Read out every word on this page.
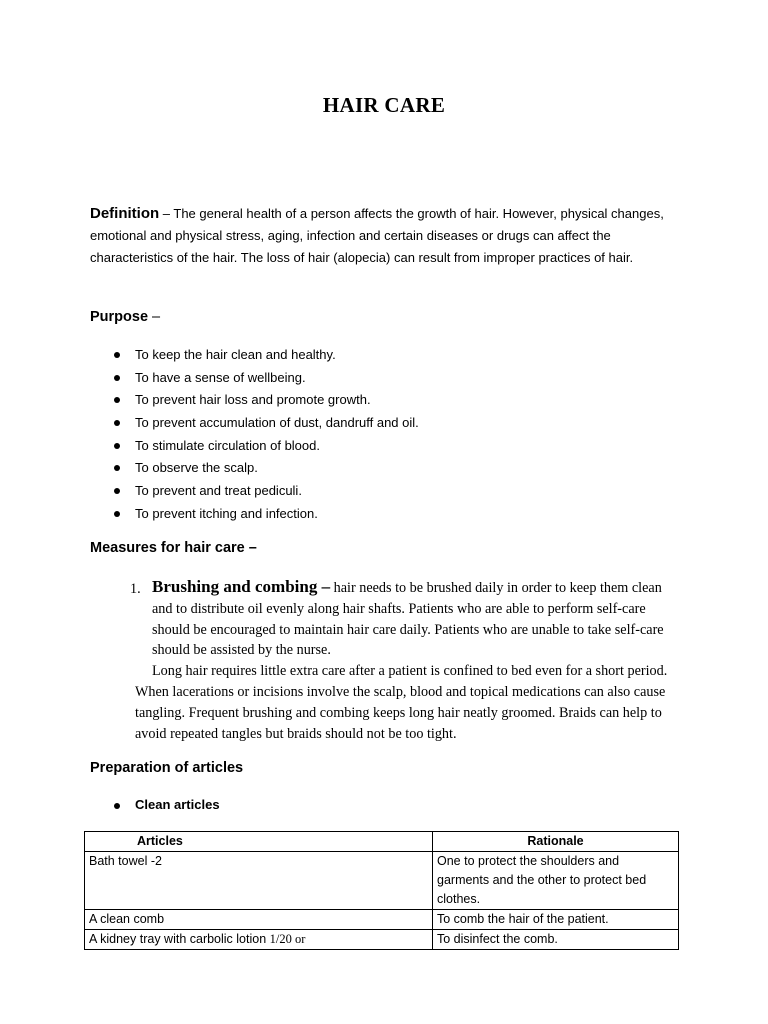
HAIR CARE
Definition – The general health of a person affects the growth of hair. However, physical changes, emotional and physical stress, aging, infection and certain diseases or drugs can affect the characteristics of the hair. The loss of hair (alopecia) can result from improper practices of hair.
Purpose –
To keep the hair clean and healthy.
To have a sense of wellbeing.
To prevent hair loss and promote growth.
To prevent accumulation of dust, dandruff and oil.
To stimulate circulation of blood.
To observe the scalp.
To prevent and treat pediculi.
To prevent itching and infection.
Measures for hair care –
1. Brushing and combing – hair needs to be brushed daily in order to keep them clean and to distribute oil evenly along hair shafts. Patients who are able to perform self-care should be encouraged to maintain hair care daily. Patients who are unable to take self-care should be assisted by the nurse.
Long hair requires little extra care after a patient is confined to bed even for a short period. When lacerations or incisions involve the scalp, blood and topical medications can also cause tangling. Frequent brushing and combing keeps long hair neatly groomed. Braids can help to avoid repeated tangles but braids should not be too tight.
Preparation of articles
Clean articles
Articles	Rationale
Bath towel -2	One to protect the shoulders and garments and the other to protect bed clothes.
A clean comb	To comb the hair of the patient.
A kidney tray with carbolic lotion 1/20 or	To disinfect the comb.
